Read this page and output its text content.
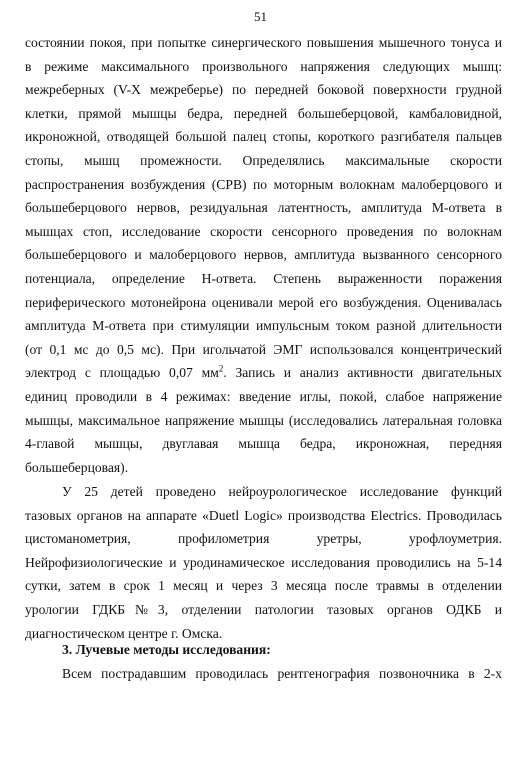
51
состоянии покоя, при попытке синергического повышения мышечного тонуса и
в режиме максимального произвольного напряжения следующих мышц:
межреберных (V-X межреберье) по передней боковой поверхности грудной
клетки, прямой мышцы бедра, передней большеберцовой, камбаловидной,
икроножной, отводящей большой палец стопы, короткого разгибателя пальцев
стопы, мышц промежности. Определялись максимальные скорости
распространения возбуждения (СРВ) по моторным волокнам малоберцового и
большеберцового нервов, резидуальная латентность, амплитуда М-ответа в
мышцах стоп, исследование скорости сенсорного проведения по волокнам
большеберцового и малоберцового нервов, амплитуда вызванного сенсорного
потенциала, определение Н-ответа. Степень выраженности поражения
периферического мотонейрона оценивали мерой его возбуждения. Оценивалась
амплитуда М-ответа при стимуляции импульсным током разной длительности
(от 0,1 мс до 0,5 мс). При игольчатой ЭМГ использовался концентрический
электрод с площадью 0,07 $мм^2$. Запись и анализ активности двигательных
единиц проводили в 4 режимах: введение иглы, покой, слабое напряжение
мышцы, максимальное напряжение мышцы (исследовались латеральная головка
4-главой мышцы, двуглавая мышца бедра, икроножная, передняя
большеберцовая).
У 25 детей проведено нейроурологическое исследование функций
тазовых органов на аппарате «Duetl Logic» производства Electrics. Проводилась
цистоманометрия, профилометрия уретры, урофлоуметрия.
Нейрофизиологические и уродинамическое исследования проводились на 5-14
сутки, затем в срок 1 месяц и через 3 месяца после травмы в отделении
урологии ГДКБ№3, отделении патологии тазовых органов ОДКБ и
диагностическом центре г. Омска.
3. Лучевые методы исследования:
Всем пострадавшим проводилась рентгенография позвоночника в 2-х
